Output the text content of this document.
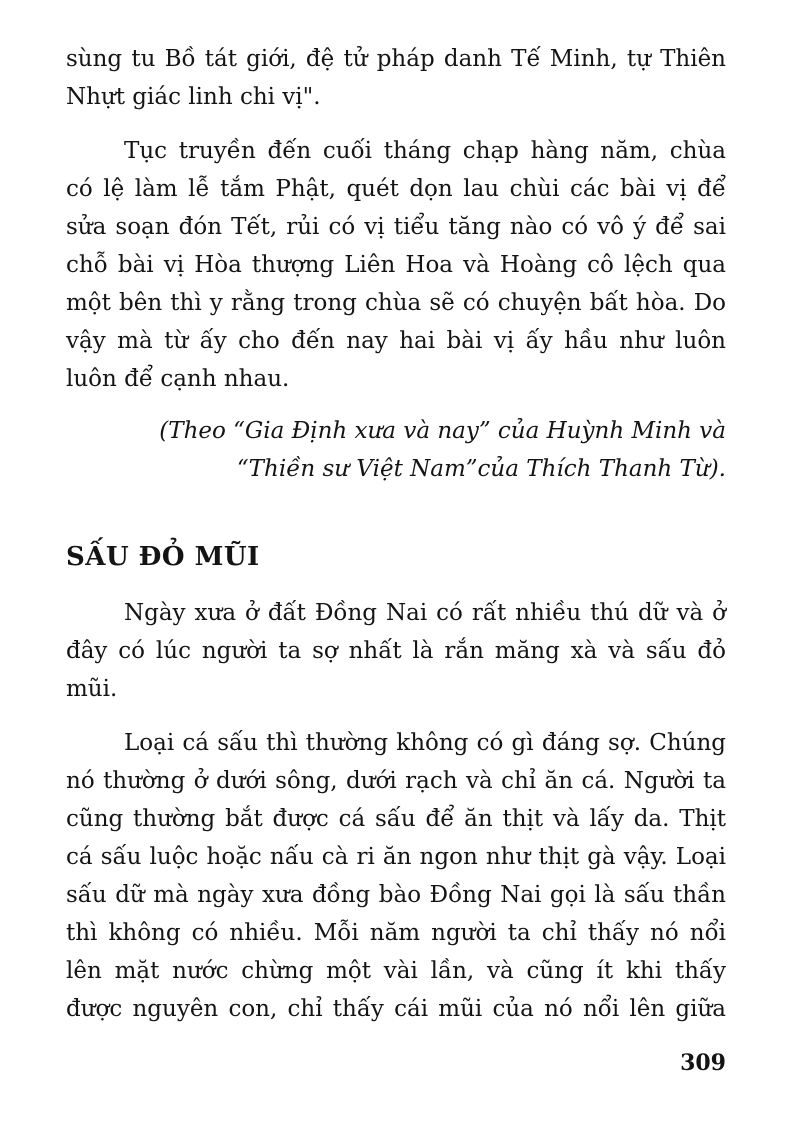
sùng tu Bồ tát giới, đệ tử pháp danh Tế Minh, tự Thiên
Nhựt giác linh chi vị".
Tục truyền đến cuối tháng chạp hàng năm, chùa
có lệ làm lễ tắm Phật, quét dọn lau chùi các bài vị để
sửa soạn đón Tết, rủi có vị tiểu tăng nào có vô ý để sai
chỗ bài vị Hòa thượng Liên Hoa và Hoàng cô lệch qua
một bên thì y rằng trong chùa sẽ có chuyện bất hòa. Do
vậy mà từ ấy cho đến nay hai bài vị ấy hầu như luôn
luôn để cạnh nhau.
(Theo “Gia Định xưa và nay” của Huỳnh Minh và
“Thiền sư Việt Nam”của Thích Thanh Từ).
SẤU ĐỎ MŨI
Ngày xưa ở đất Đồng Nai có rất nhiều thú dữ và ở
đây có lúc người ta sợ nhất là rắn măng xà và sấu đỏ
mũi.
Loại cá sấu thì thường không có gì đáng sợ. Chúng
nó thường ở dưới sông, dưới rạch và chỉ ăn cá. Người ta
cũng thường bắt được cá sấu để ăn thịt và lấy da. Thịt
cá sấu luộc hoặc nấu cà ri ăn ngon như thịt gà vậy. Loại
sấu dữ mà ngày xưa đồng bào Đồng Nai gọi là sấu thần
thì không có nhiều. Mỗi năm người ta chỉ thấy nó nổi
lên mặt nước chừng một vài lần, và cũng ít khi thấy
được nguyên con, chỉ thấy cái mũi của nó nổi lên giữa
309
